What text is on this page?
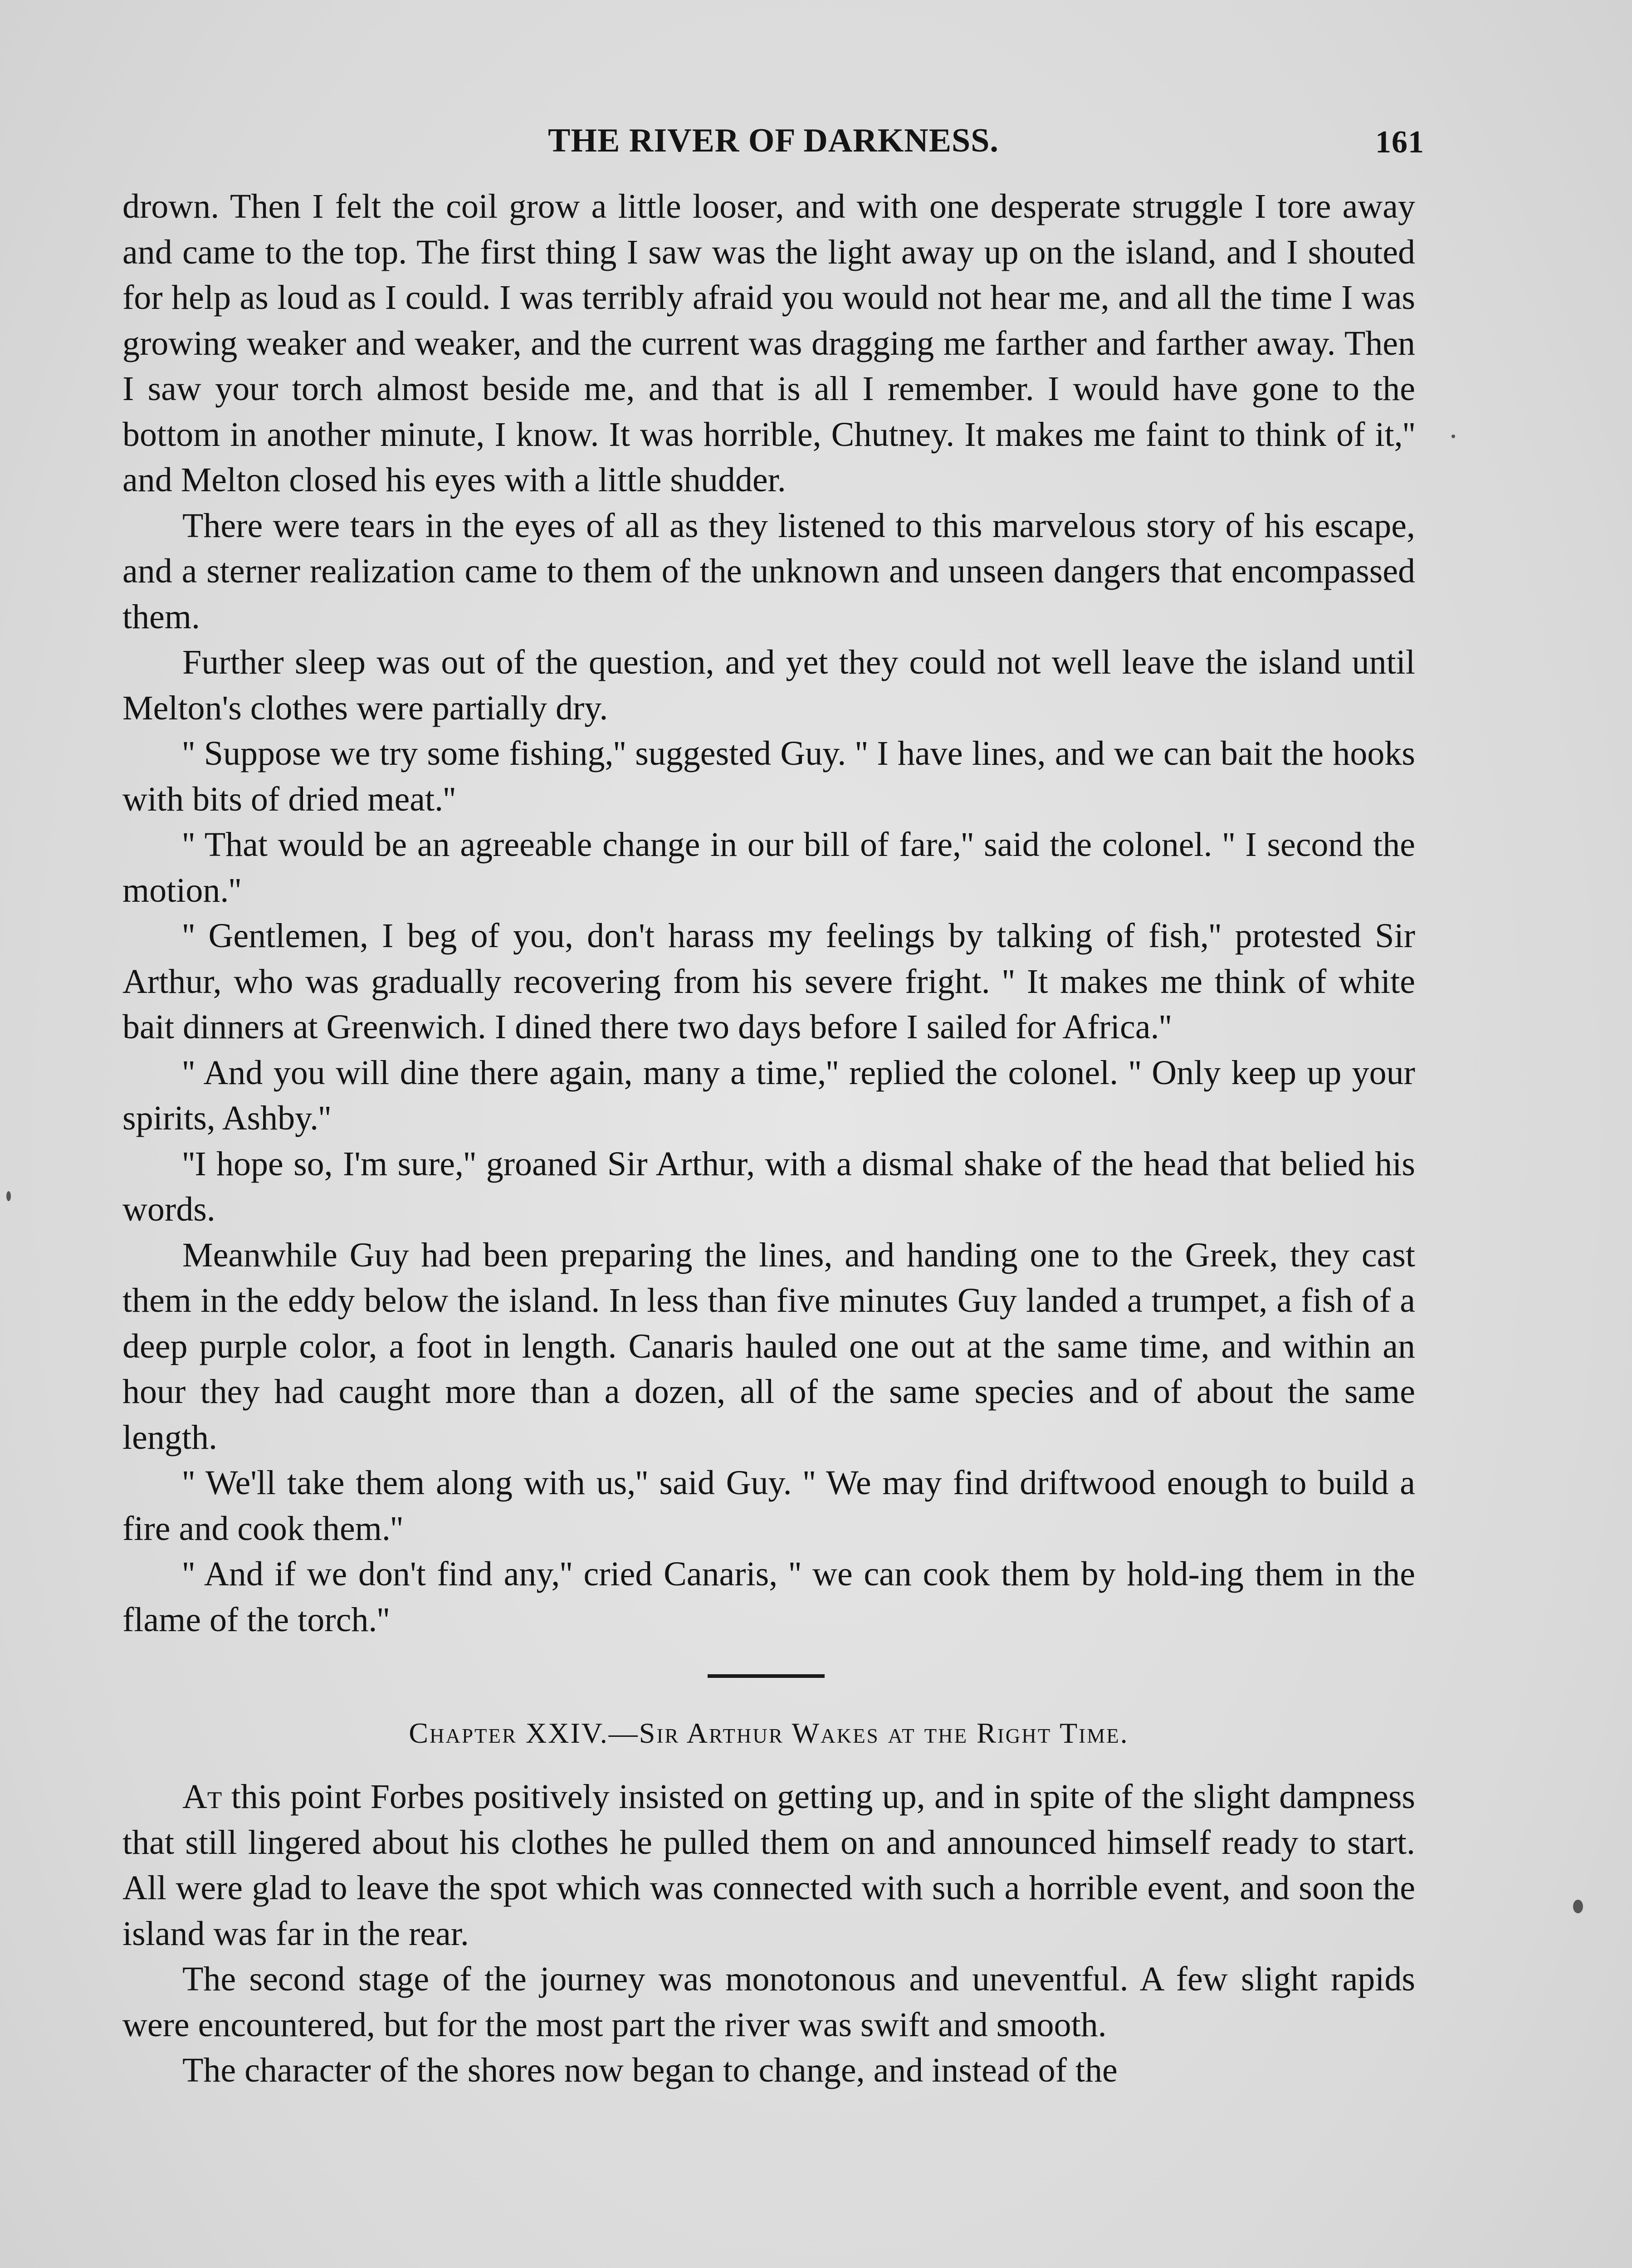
THE RIVER OF DARKNESS.	161

drown. Then I felt the coil grow a little looser, and with one desperate struggle I tore away and came to the top. The first thing I saw was the light away up on the island, and I shouted for help as loud as I could. I was terribly afraid you would not hear me, and all the time I was growing weaker and weaker, and the current was dragging me farther and farther away. Then I saw your torch almost beside me, and that is all I remember. I would have gone to the bottom in another minute, I know. It was horrible, Chutney. It makes me faint to think of it,'' and Melton closed his eyes with a little shudder.

There were tears in the eyes of all as they listened to this marvelous story of his escape, and a sterner realization came to them of the unknown and unseen dangers that encompassed them.

Further sleep was out of the question, and yet they could not well leave the island until Melton's clothes were partially dry.

'' Suppose we try some fishing,'' suggested Guy. '' I have lines, and we can bait the hooks with bits of dried meat.''

'' That would be an agreeable change in our bill of fare,'' said the colonel. '' I second the motion.''

'' Gentlemen, I beg of you, don't harass my feelings by talking of fish,'' protested Sir Arthur, who was gradually recovering from his severe fright. '' It makes me think of white bait dinners at Greenwich. I dined there two days before I sailed for Africa.''

'' And you will dine there again, many a time,'' replied the colonel. '' Only keep up your spirits, Ashby.''

''I hope so, I'm sure,'' groaned Sir Arthur, with a dismal shake of the head that belied his words.

Meanwhile Guy had been preparing the lines, and handing one to the Greek, they cast them in the eddy below the island. In less than five minutes Guy landed a trumpet, a fish of a deep purple color, a foot in length. Canaris hauled one out at the same time, and within an hour they had caught more than a dozen, all of the same species and of about the same length.

'' We'll take them along with us,'' said Guy. '' We may find driftwood enough to build a fire and cook them.''

'' And if we don't find any,'' cried Canaris, '' we can cook them by hold-ing them in the flame of the torch.''

Chapter XXIV.—Sir Arthur Wakes at the Right Time.

At this point Forbes positively insisted on getting up, and in spite of the slight dampness that still lingered about his clothes he pulled them on and announced himself ready to start. All were glad to leave the spot which was connected with such a horrible event, and soon the island was far in the rear.

The second stage of the journey was monotonous and uneventful. A few slight rapids were encountered, but for the most part the river was swift and smooth.

The character of the shores now began to change, and instead of the
